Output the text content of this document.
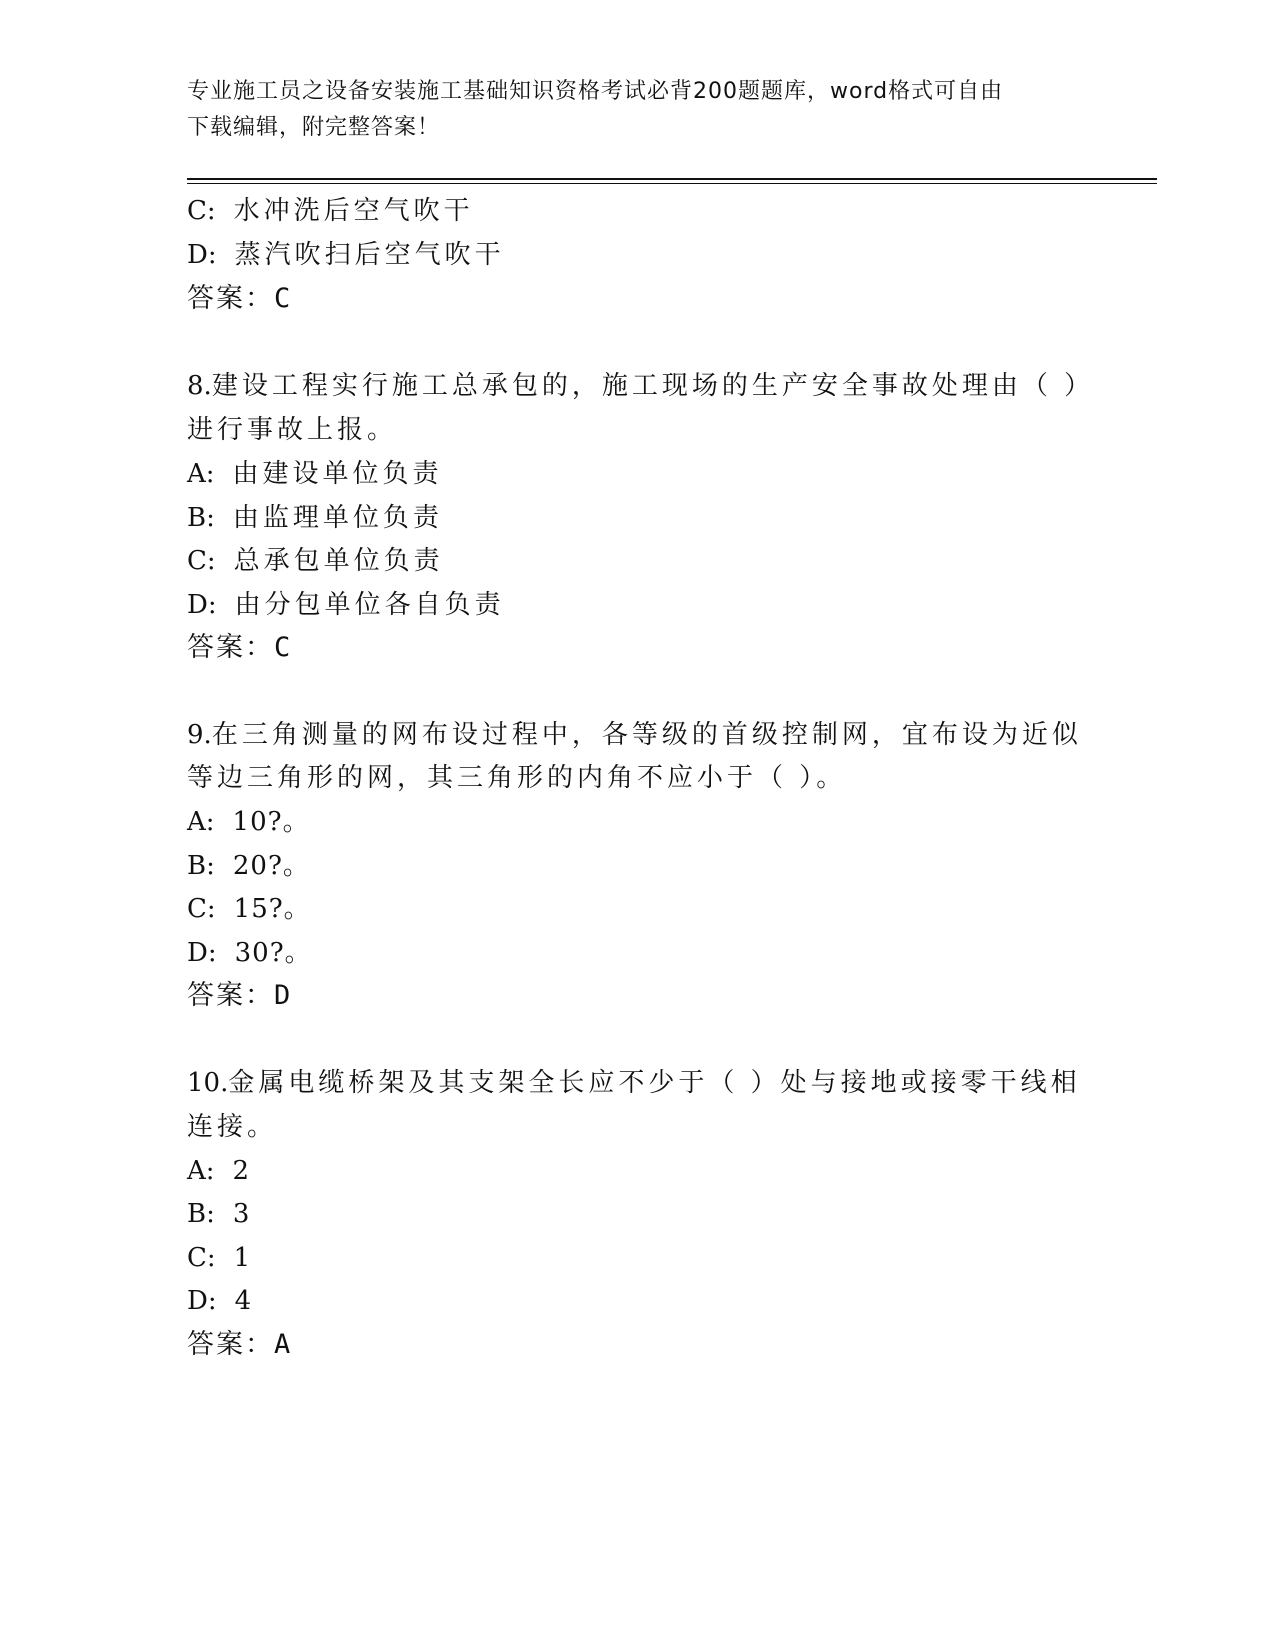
专业施工员之设备安装施工基础知识资格考试必背200题题库，word格式可自由
下载编辑，附完整答案！
C: 水冲洗后空气吹干
D: 蒸汽吹扫后空气吹干
答案：C
8.建设工程实行施工总承包的，施工现场的生产安全事故处理由（ ）
进行事故上报。
A: 由建设单位负责
B: 由监理单位负责
C: 总承包单位负责
D: 由分包单位各自负责
答案：C
9.在三角测量的网布设过程中，各等级的首级控制网，宜布设为近似
等边三角形的网，其三角形的内角不应小于（ ）。
A: 10?。
B: 20?。
C: 15?。
D: 30?。
答案：D
10.金属电缆桥架及其支架全长应不少于（ ）处与接地或接零干线相
连接。
A: 2
B: 3
C: 1
D: 4
答案：A
